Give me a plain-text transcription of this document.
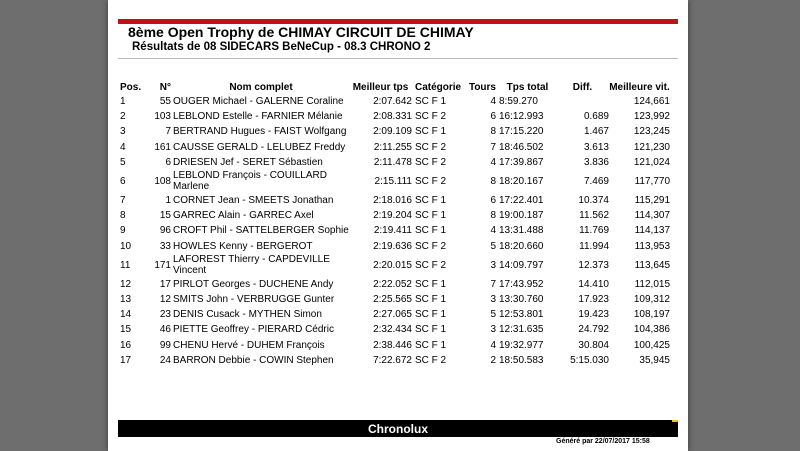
8ème Open Trophy de CHIMAY CIRCUIT DE CHIMAY
Résultats de 08 SIDECARS BeNeCup - 08.3 CHRONO 2
Pos.	N°	Nom complet	Meilleur tps	Catégorie	Tours	Tps total	Diff.	Meilleure vit.
1	55	OUGER Michael - GALERNE Coraline	2:07.642	SC F 1	4	8:59.270		124,661
2	103	LEBLOND Estelle - FARNIER Mélanie	2:08.331	SC F 2	6	16:12.993	0.689	123,992
3	7	BERTRAND Hugues - FAIST Wolfgang	2:09.109	SC F 1	8	17:15.220	1.467	123,245
4	161	CAUSSE GERALD - LELUBEZ Freddy	2:11.255	SC F 2	7	18:46.502	3.613	121,230
5	6	DRIESEN Jef - SERET Sébastien	2:11.478	SC F 2	4	17:39.867	3.836	121,024
6	108	LEBLOND François - COUILLARD Marlene	2:15.111	SC F 2	8	18:20.167	7.469	117,770
7	1	CORNET Jean - SMEETS Jonathan	2:18.016	SC F 1	6	17:22.401	10.374	115,291
8	15	GARREC Alain - GARREC Axel	2:19.204	SC F 1	8	19:00.187	11.562	114,307
9	96	CROFT Phil - SATTELBERGER Sophie	2:19.411	SC F 1	4	13:31.488	11.769	114,137
10	33	HOWLES Kenny - BERGEROT	2:19.636	SC F 2	5	18:20.660	11.994	113,953
11	171	LAFOREST Thierry - CAPDEVILLE Vincent	2:20.015	SC F 2	3	14:09.797	12.373	113,645
12	17	PIRLOT Georges - DUCHENE Andy	2:22.052	SC F 1	7	17:43.952	14.410	112,015
13	12	SMITS John - VERBRUGGE Gunter	2:25.565	SC F 1	3	13:30.760	17.923	109,312
14	23	DENIS Cusack - MYTHEN Simon	2:27.065	SC F 1	5	12:53.801	19.423	108,197
15	46	PIETTE Geoffrey - PIERARD Cédric	2:32.434	SC F 1	3	12:31.635	24.792	104,386
16	99	CHENU Hervé - DUHEM François	2:38.446	SC F 1	4	19:32.977	30.804	100,425
17	24	BARRON Debbie - COWIN Stephen	7:22.672	SC F 2	2	18:50.583	5:15.030	35,945
Chronolux
Généré par 22/07/2017 15:58
